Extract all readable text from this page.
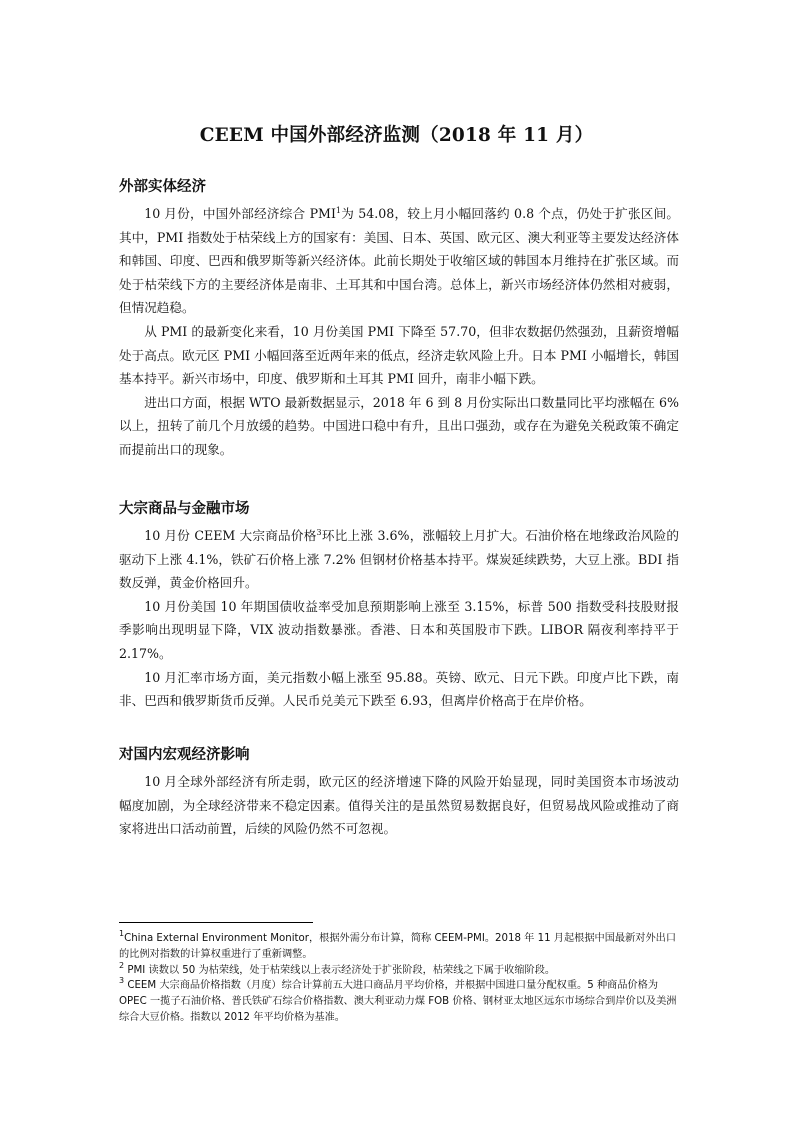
CEEM 中国外部经济监测（2018 年 11 月）

外部实体经济

10 月份，中国外部经济综合 PMI$^1$为 54.08，较上月小幅回落约 0.8 个点，仍处于扩张区间。其中，PMI 指数处于枯荣线上方的国家有：美国、日本、英国、欧元区、澳大利亚等主要发达经济体和韩国、印度、巴西和俄罗斯等新兴经济体。此前长期处于收缩区域的韩国本月维持在扩张区域。而处于枯荣线下方的主要经济体是南非、土耳其和中国台湾。总体上，新兴市场经济体仍然相对疲弱，但情况趋稳。

从 PMI 的最新变化来看，10 月份美国 PMI 下降至 57.70，但非农数据仍然强劲，且薪资增幅处于高点。欧元区 PMI 小幅回落至近两年来的低点，经济走软风险上升。日本 PMI 小幅增长，韩国基本持平。新兴市场中，印度、俄罗斯和土耳其 PMI 回升，南非小幅下跌。

进出口方面，根据 WTO 最新数据显示，2018 年 6 到 8 月份实际出口数量同比平均涨幅在 6%以上，扭转了前几个月放缓的趋势。中国进口稳中有升，且出口强劲，或存在为避免关税政策不确定而提前出口的现象。

大宗商品与金融市场

10 月份 CEEM 大宗商品价格$^3$环比上涨 3.6%，涨幅较上月扩大。石油价格在地缘政治风险的驱动下上涨 4.1%，铁矿石价格上涨 7.2% 但钢材价格基本持平。煤炭延续跌势，大豆上涨。BDI 指数反弹，黄金价格回升。

10 月份美国 10 年期国债收益率受加息预期影响上涨至 3.15%，标普 500 指数受科技股财报季影响出现明显下降，VIX 波动指数暴涨。香港、日本和英国股市下跌。LIBOR 隔夜利率持平于 2.17%。

10 月汇率市场方面，美元指数小幅上涨至 95.88。英镑、欧元、日元下跌。印度卢比下跌，南非、巴西和俄罗斯货币反弹。人民币兑美元下跌至 6.93，但离岸价格高于在岸价格。

对国内宏观经济影响

10 月全球外部经济有所走弱，欧元区的经济增速下降的风险开始显现，同时美国资本市场波动幅度加剧，为全球经济带来不稳定因素。值得关注的是虽然贸易数据良好，但贸易战风险或推动了商家将进出口活动前置，后续的风险仍然不可忽视。

$^1$China External Environment Monitor，根据外需分布计算，简称 CEEM-PMI。2018 年 11 月起根据中国最新对外出口的比例对指数的计算权重进行了重新调整。

$^2$ PMI 读数以 50 为枯荣线，处于枯荣线以上表示经济处于扩张阶段，枯荣线之下属于收缩阶段。

$^3$ CEEM 大宗商品价格指数（月度）综合计算前五大进口商品月平均价格，并根据中国进口量分配权重。5 种商品价格为 OPEC 一揽子石油价格、普氏铁矿石综合价格指数、澳大利亚动力煤 FOB 价格、钢材亚太地区远东市场综合到岸价以及美洲综合大豆价格。指数以 2012 年平均价格为基准。
